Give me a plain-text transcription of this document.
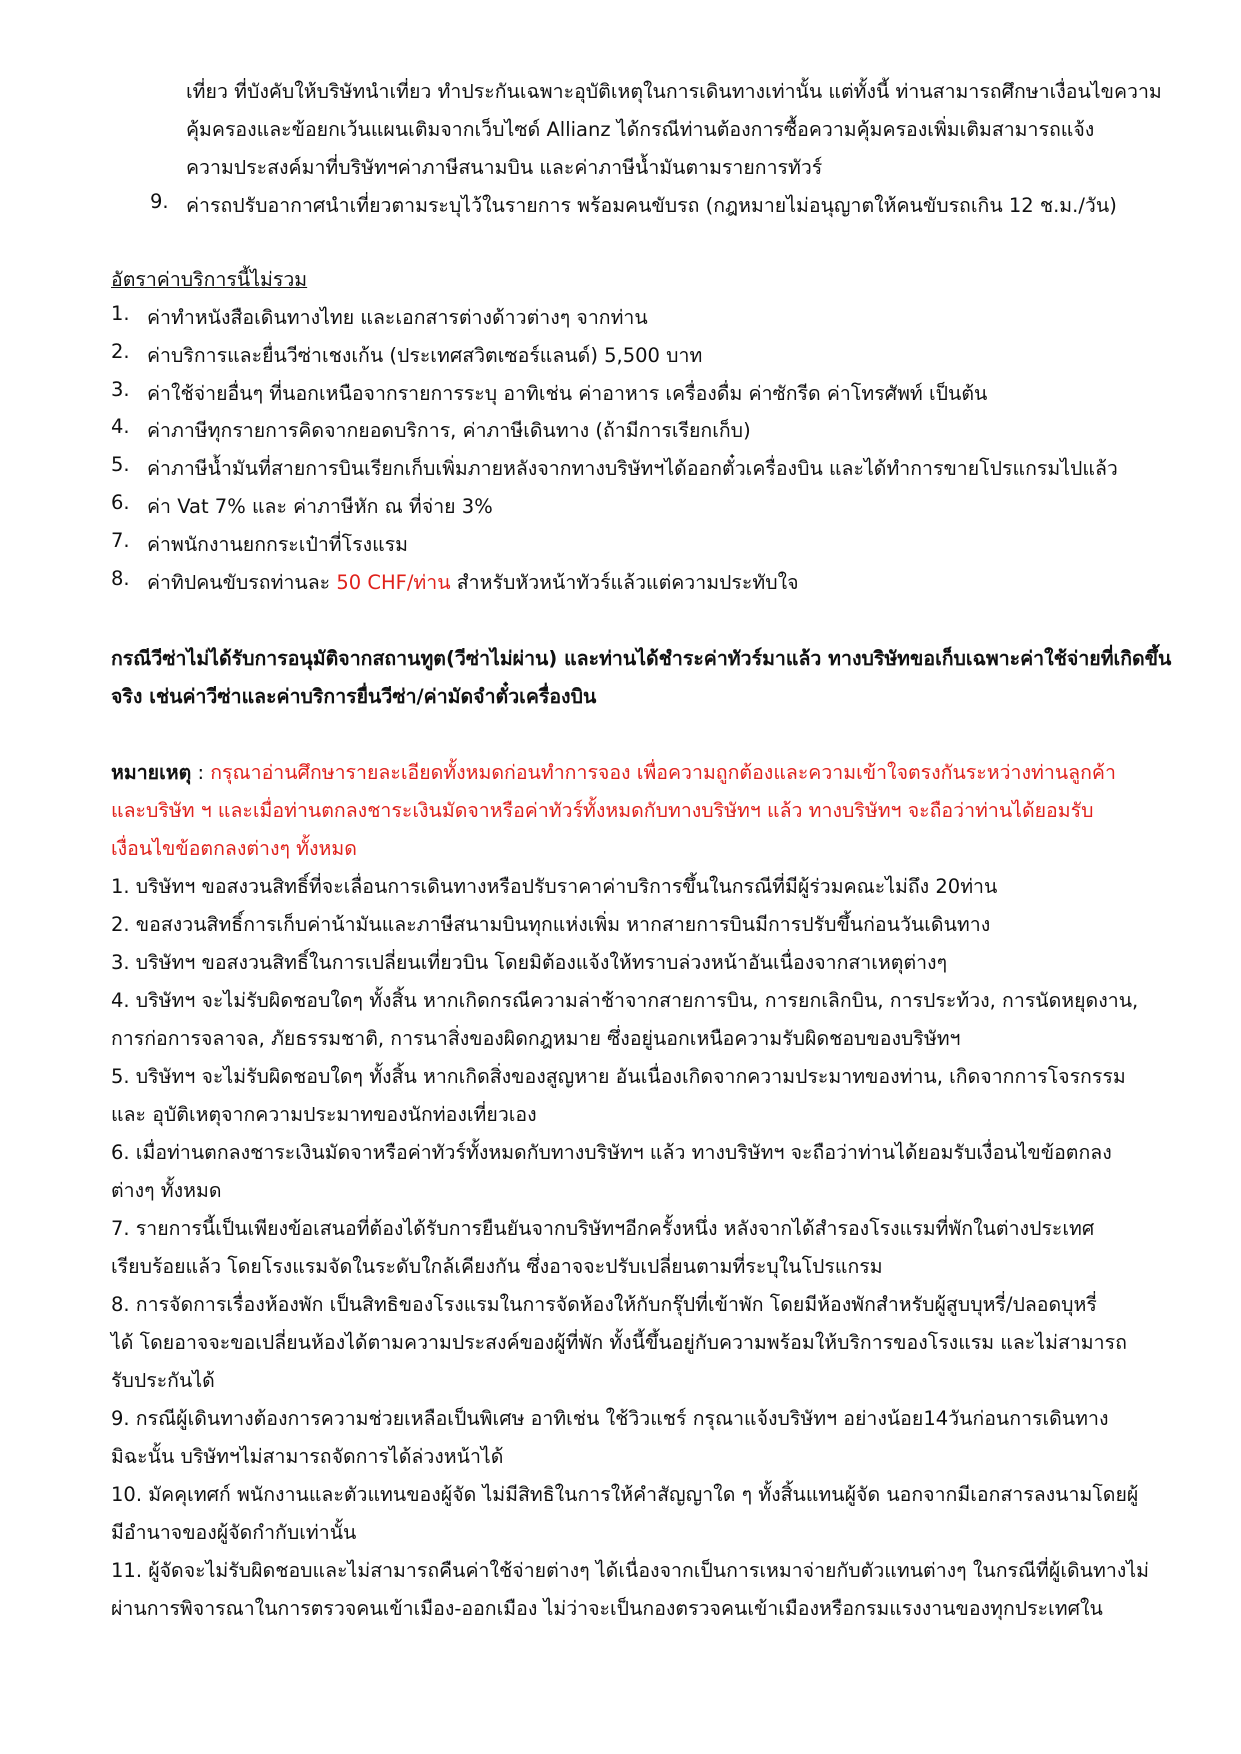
เที่ยว ที่บังคับให้บริษัทนำเที่ยว ทำประกันเฉพาะอุบัติเหตุในการเดินทางเท่านั้น แต่ทั้งนี้ ท่านสามารถศึกษาเงื่อนไขความ
คุ้มครองและข้อยกเว้นแผนเติมจากเว็บไซด์ Allianz ได้กรณีท่านต้องการซื้อความคุ้มครองเพิ่มเติมสามารถแจ้ง
ความประสงค์มาที่บริษัทฯค่าภาษีสนามบิน และค่าภาษีน้ำมันตามรายการทัวร์
9. ค่ารถปรับอากาศนำเที่ยวตามระบุไว้ในรายการ พร้อมคนขับรถ (กฎหมายไม่อนุญาตให้คนขับรถเกิน 12 ช.ม./วัน)
อัตราค่าบริการนี้ไม่รวม
1. ค่าทำหนังสือเดินทางไทย และเอกสารต่างด้าวต่างๆ จากท่าน
2. ค่าบริการและยื่นวีซ่าเชงเก้น (ประเทศสวิตเซอร์แลนด์) 5,500 บาท
3. ค่าใช้จ่ายอื่นๆ ที่นอกเหนือจากรายการระบุ อาทิเช่น ค่าอาหาร เครื่องดื่ม ค่าซักรีด ค่าโทรศัพท์ เป็นต้น
4. ค่าภาษีทุกรายการคิดจากยอดบริการ, ค่าภาษีเดินทาง (ถ้ามีการเรียกเก็บ)
5. ค่าภาษีน้ำมันที่สายการบินเรียกเก็บเพิ่มภายหลังจากทางบริษัทฯได้ออกตั๋วเครื่องบิน และได้ทำการขายโปรแกรมไปแล้ว
6. ค่า Vat 7% และ ค่าภาษีหัก ณ ที่จ่าย 3%
7. ค่าพนักงานยกกระเป๋าที่โรงแรม
8. ค่าทิปคนขับรถท่านละ 50 CHF/ท่าน สำหรับหัวหน้าทัวร์แล้วแต่ความประทับใจ
กรณีวีซ่าไม่ได้รับการอนุมัติจากสถานทูต(วีซ่าไม่ผ่าน) และท่านได้ชำระค่าทัวร์มาแล้ว ทางบริษัทขอเก็บเฉพาะค่าใช้จ่ายที่เกิดขึ้น
จริง เช่นค่าวีซ่าและค่าบริการยื่นวีซ่า/ค่ามัดจำตั๋วเครื่องบิน
หมายเหตุ : กรุณาอ่านศึกษารายละเอียดทั้งหมดก่อนทำการจอง เพื่อความถูกต้องและความเข้าใจตรงกันระหว่างท่านลูกค้า
และบริษัท ฯ และเมื่อท่านตกลงชาระเงินมัดจาหรือค่าทัวร์ทั้งหมดกับทางบริษัทฯ แล้ว ทางบริษัทฯ จะถือว่าท่านได้ยอมรับ
เงื่อนไขข้อตกลงต่างๆ ทั้งหมด
1. บริษัทฯ ขอสงวนสิทธิ์ที่จะเลื่อนการเดินทางหรือปรับราคาค่าบริการขึ้นในกรณีที่มีผู้ร่วมคณะไม่ถึง 20ท่าน
2. ขอสงวนสิทธิ์การเก็บค่าน้ามันและภาษีสนามบินทุกแห่งเพิ่ม หากสายการบินมีการปรับขึ้นก่อนวันเดินทาง
3. บริษัทฯ ขอสงวนสิทธิ์ในการเปลี่ยนเที่ยวบิน โดยมิต้องแจ้งให้ทราบล่วงหน้าอันเนื่องจากสาเหตุต่างๆ
4. บริษัทฯ จะไม่รับผิดชอบใดๆ ทั้งสิ้น หากเกิดกรณีความล่าช้าจากสายการบิน, การยกเลิกบิน, การประท้วง, การนัดหยุดงาน,
การก่อการจลาจล, ภัยธรรมชาติ, การนาสิ่งของผิดกฎหมาย ซึ่งอยู่นอกเหนือความรับผิดชอบของบริษัทฯ
5. บริษัทฯ จะไม่รับผิดชอบใดๆ ทั้งสิ้น หากเกิดสิ่งของสูญหาย อันเนื่องเกิดจากความประมาทของท่าน, เกิดจากการโจรกรรม
และ อุบัติเหตุจากความประมาทของนักท่องเที่ยวเอง
6. เมื่อท่านตกลงชาระเงินมัดจาหรือค่าทัวร์ทั้งหมดกับทางบริษัทฯ แล้ว ทางบริษัทฯ จะถือว่าท่านได้ยอมรับเงื่อนไขข้อตกลง
ต่างๆ ทั้งหมด
7. รายการนี้เป็นเพียงข้อเสนอที่ต้องได้รับการยืนยันจากบริษัทฯอีกครั้งหนึ่ง หลังจากได้สำรองโรงแรมที่พักในต่างประเทศ
เรียบร้อยแล้ว โดยโรงแรมจัดในระดับใกล้เคียงกัน ซึ่งอาจจะปรับเปลี่ยนตามที่ระบุในโปรแกรม
8. การจัดการเรื่องห้องพัก เป็นสิทธิของโรงแรมในการจัดห้องให้กับกรุ๊ปที่เข้าพัก โดยมีห้องพักสำหรับผู้สูบบุหรี่/ปลอดบุหรี่
ได้ โดยอาจจะขอเปลี่ยนห้องได้ตามความประสงค์ของผู้ที่พัก ทั้งนี้ขึ้นอยู่กับความพร้อมให้บริการของโรงแรม และไม่สามารถ
รับประกันได้
9. กรณีผู้เดินทางต้องการความช่วยเหลือเป็นพิเศษ อาทิเช่น ใช้วิวแชร์ กรุณาแจ้งบริษัทฯ อย่างน้อย14วันก่อนการเดินทาง
มิฉะนั้น บริษัทฯไม่สามารถจัดการได้ล่วงหน้าได้
10. มัคคุเทศก์ พนักงานและตัวแทนของผู้จัด ไม่มีสิทธิในการให้คำสัญญาใด ๆ ทั้งสิ้นแทนผู้จัด นอกจากมีเอกสารลงนามโดยผู้
มีอำนาจของผู้จัดกำกับเท่านั้น
11. ผู้จัดจะไม่รับผิดชอบและไม่สามารถคืนค่าใช้จ่ายต่างๆ ได้เนื่องจากเป็นการเหมาจ่ายกับตัวแทนต่างๆ ในกรณีที่ผู้เดินทางไม่
ผ่านการพิจารณาในการตรวจคนเข้าเมือง-ออกเมือง ไม่ว่าจะเป็นกองตรวจคนเข้าเมืองหรือกรมแรงงานของทุกประเทศใน
